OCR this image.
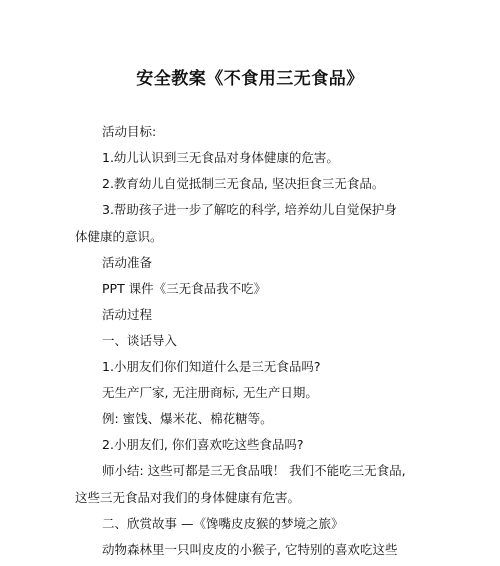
安全教案《不食用三无食品》
活动目标:
1.幼儿认识到三无食品对身体健康的危害。
2.教育幼儿自觉抵制三无食品, 坚决拒食三无食品。
3.帮助孩子进一步了解吃的科学, 培养幼儿自觉保护身
体健康的意识。
活动准备
PPT 课件《三无食品我不吃》
活动过程
一、谈话导入
1.小朋友们你们知道什么是三无食品吗?
无生产厂家, 无注册商标, 无生产日期。
例: 蜜饯、爆米花、棉花糖等。
2.小朋友们, 你们喜欢吃这些食品吗?
师小结: 这些可都是三无食品哦！ 我们不能吃三无食品,
这些三无食品对我们的身体健康有危害。
二、欣赏故事 —《馋嘴皮皮猴的梦境之旅》
动物森林里一只叫皮皮的小猴子, 它特别的喜欢吃这些
